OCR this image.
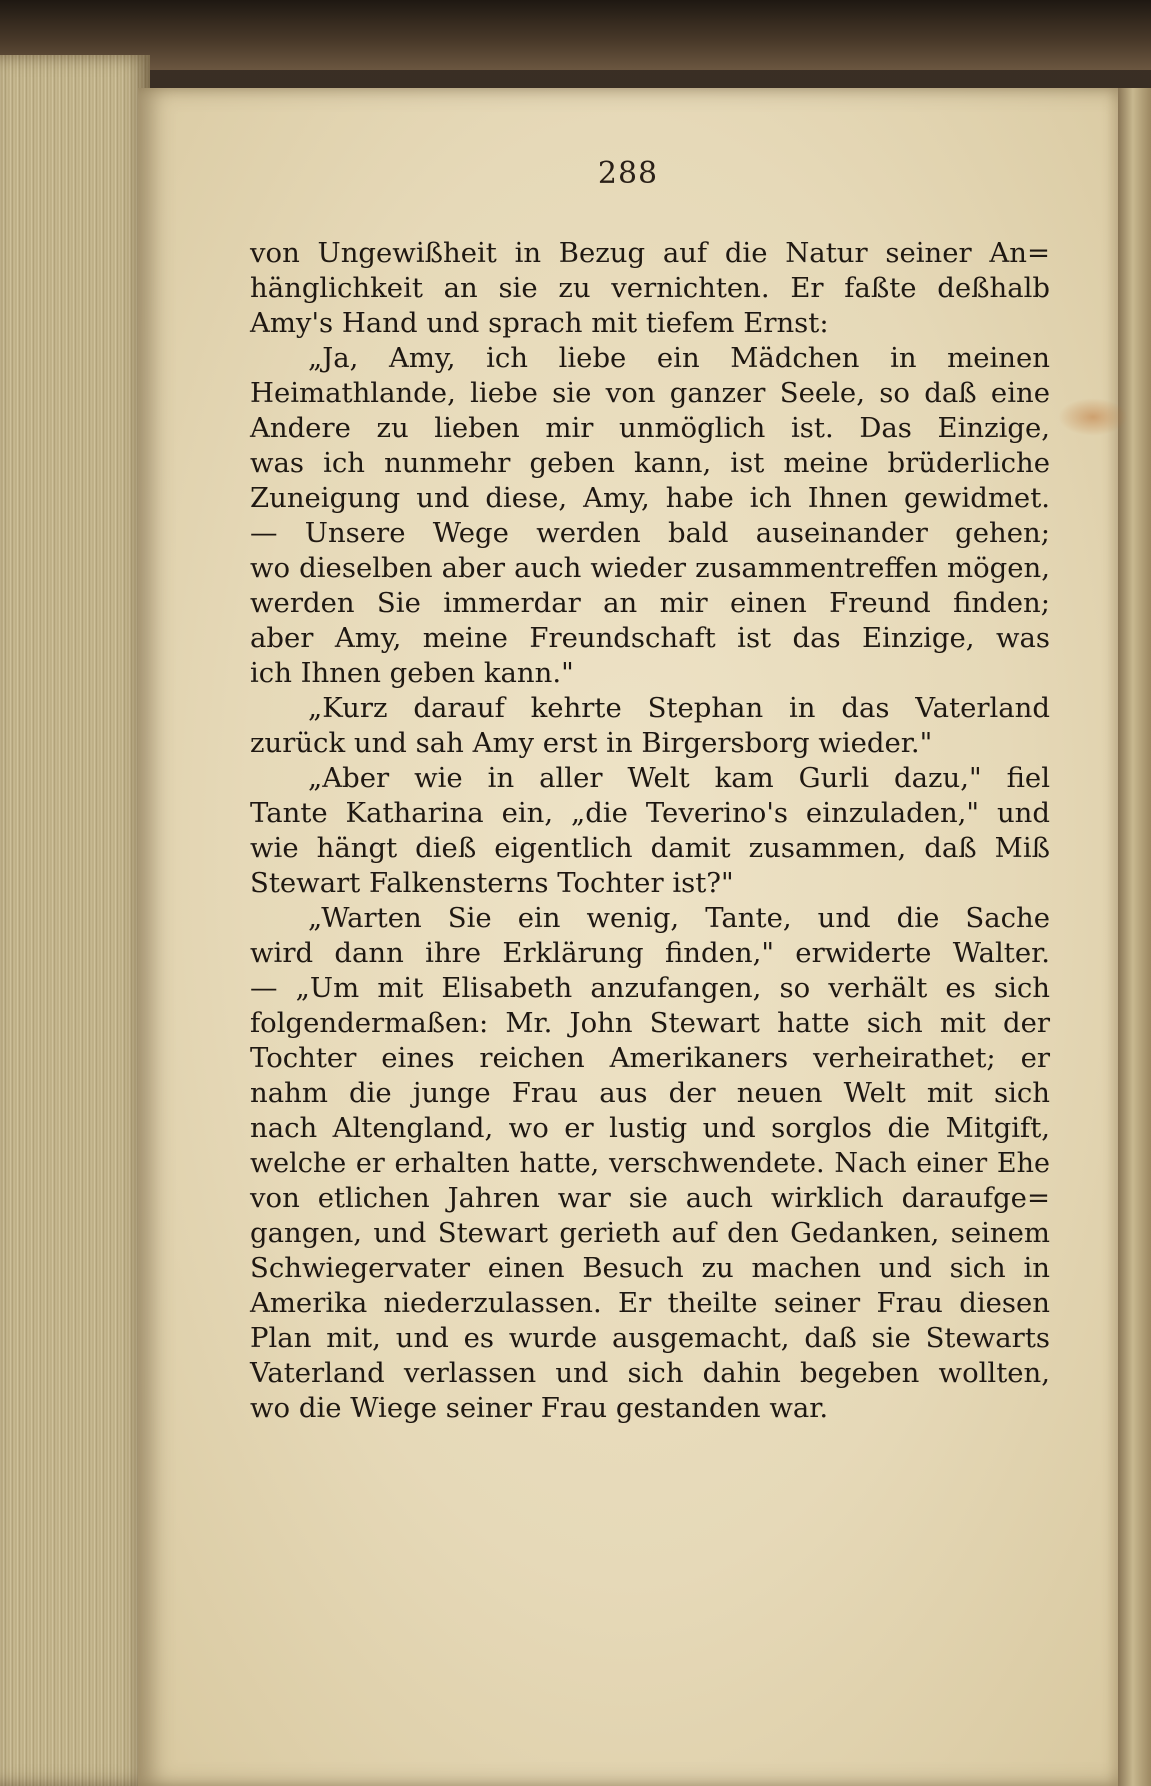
288
von Ungewißheit in Bezug auf die Natur seiner An=
hänglichkeit an sie zu vernichten. Er faßte deßhalb
Amy's Hand und sprach mit tiefem Ernst:
„Ja, Amy, ich liebe ein Mädchen in meinen
Heimathlande, liebe sie von ganzer Seele, so daß eine
Andere zu lieben mir unmöglich ist. Das Einzige,
was ich nunmehr geben kann, ist meine brüderliche
Zuneigung und diese, Amy, habe ich Ihnen gewidmet.
— Unsere Wege werden bald auseinander gehen;
wo dieselben aber auch wieder zusammentreffen mögen,
werden Sie immerdar an mir einen Freund finden;
aber Amy, meine Freundschaft ist das Einzige, was
ich Ihnen geben kann."
„Kurz darauf kehrte Stephan in das Vaterland
zurück und sah Amy erst in Birgersborg wieder."
„Aber wie in aller Welt kam Gurli dazu," fiel
Tante Katharina ein, „die Teverino's einzuladen," und
wie hängt dieß eigentlich damit zusammen, daß Miß
Stewart Falkensterns Tochter ist?"
„Warten Sie ein wenig, Tante, und die Sache
wird dann ihre Erklärung finden," erwiderte Walter.
— „Um mit Elisabeth anzufangen, so verhält es sich
folgendermaßen: Mr. John Stewart hatte sich mit der
Tochter eines reichen Amerikaners verheirathet; er
nahm die junge Frau aus der neuen Welt mit sich
nach Altengland, wo er lustig und sorglos die Mitgift,
welche er erhalten hatte, verschwendete. Nach einer Ehe
von etlichen Jahren war sie auch wirklich daraufge=
gangen, und Stewart gerieth auf den Gedanken, seinem
Schwiegervater einen Besuch zu machen und sich in
Amerika niederzulassen. Er theilte seiner Frau diesen
Plan mit, und es wurde ausgemacht, daß sie Stewarts
Vaterland verlassen und sich dahin begeben wollten,
wo die Wiege seiner Frau gestanden war.
